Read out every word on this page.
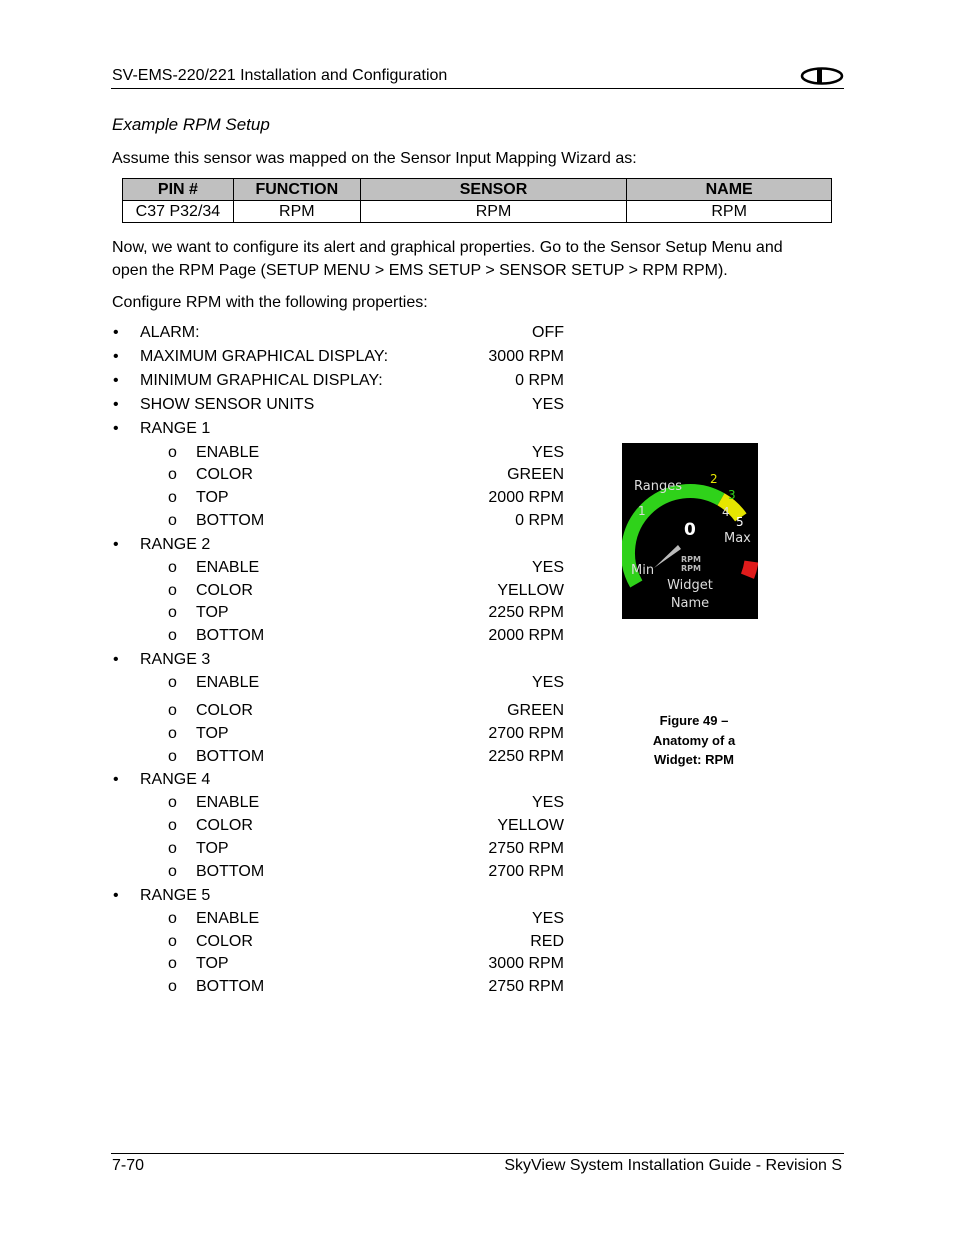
SV-EMS-220/221 Installation and Configuration
Example RPM Setup
Assume this sensor was mapped on the Sensor Input Mapping Wizard as:
PIN #	FUNCTION	SENSOR	NAME
C37 P32/34	RPM	RPM	RPM
Now, we want to configure its alert and graphical properties. Go to the Sensor Setup Menu and
open the RPM Page (SETUP MENU > EMS SETUP > SENSOR SETUP > RPM RPM).
Configure RPM with the following properties:
• ALARM:	OFF
• MAXIMUM GRAPHICAL DISPLAY:	3000 RPM
• MINIMUM GRAPHICAL DISPLAY:	0 RPM
• SHOW SENSOR UNITS	YES
• RANGE 1
o ENABLE	YES
o COLOR	GREEN
o TOP	2000 RPM
o BOTTOM	0 RPM
• RANGE 2
o ENABLE	YES
o COLOR	YELLOW
o TOP	2250 RPM
o BOTTOM	2000 RPM
• RANGE 3
o ENABLE	YES
o COLOR	GREEN
o TOP	2700 RPM
o BOTTOM	2250 RPM
• RANGE 4
o ENABLE	YES
o COLOR	YELLOW
o TOP	2750 RPM
o BOTTOM	2700 RPM
• RANGE 5
o ENABLE	YES
o COLOR	RED
o TOP	3000 RPM
o BOTTOM	2750 RPM
Ranges 2
3
4
5
1
Max
Min
0
RPM
RPM
Widget
Name
Figure 49 –
Anatomy of a
Widget: RPM
7-70	SkyView System Installation Guide - Revision S
